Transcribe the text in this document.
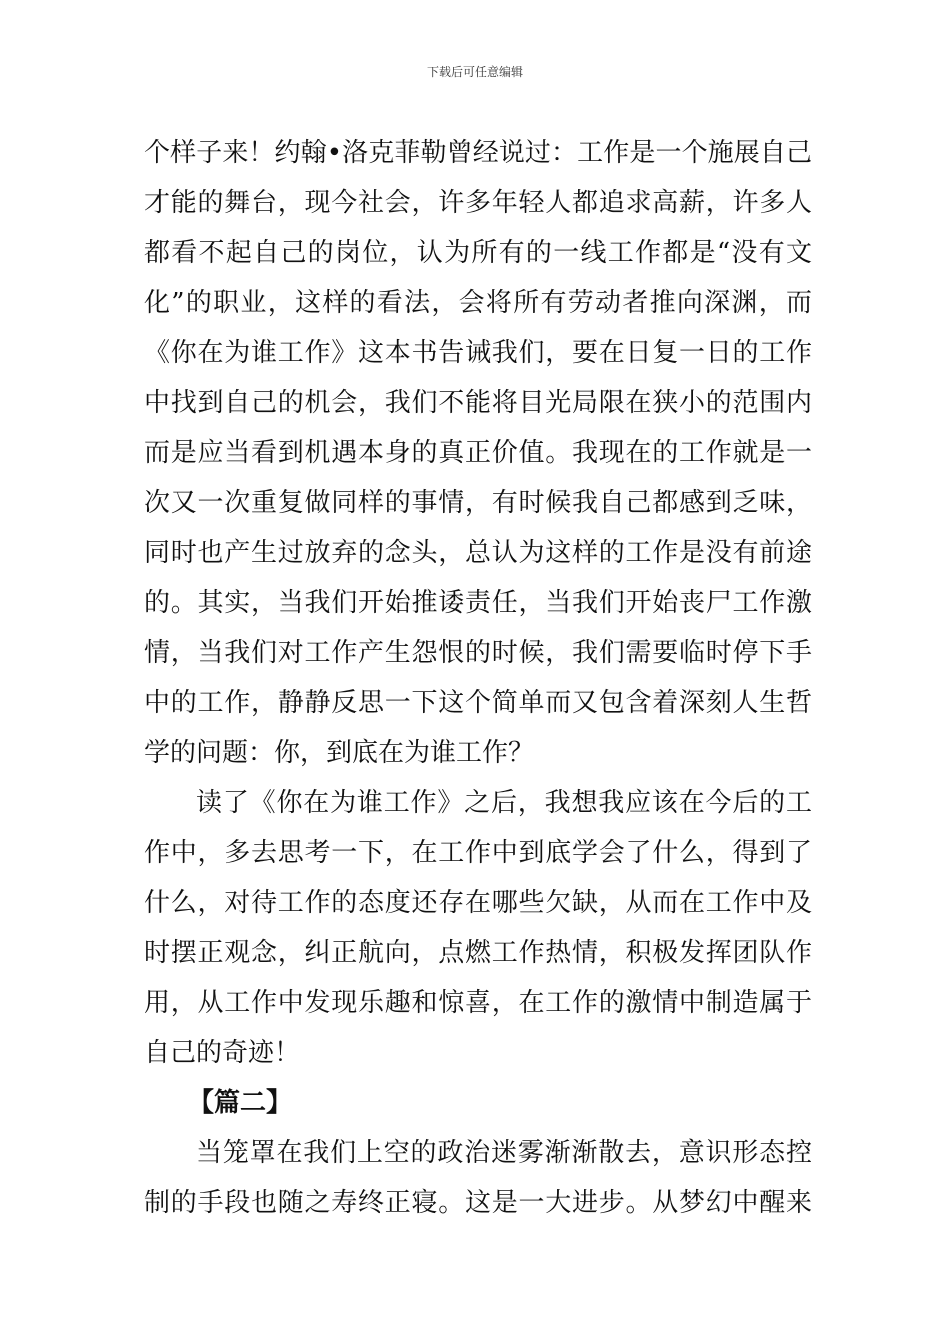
下载后可任意编辑
个样子来！约翰•洛克菲勒曾经说过：工作是一个施展自己
才能的舞台，现今社会，许多年轻人都追求高薪，许多人
都看不起自己的岗位，认为所有的一线工作都是“没有文
化”的职业，这样的看法，会将所有劳动者推向深渊，而
《你在为谁工作》这本书告诫我们，要在日复一日的工作
中找到自己的机会，我们不能将目光局限在狭小的范围内
而是应当看到机遇本身的真正价值。我现在的工作就是一
次又一次重复做同样的事情，有时候我自己都感到乏味，
同时也产生过放弃的念头，总认为这样的工作是没有前途
的。其实，当我们开始推诿责任，当我们开始丧尸工作激
情，当我们对工作产生怨恨的时候，我们需要临时停下手
中的工作，静静反思一下这个简单而又包含着深刻人生哲
学的问题：你，到底在为谁工作？
读了《你在为谁工作》之后，我想我应该在今后的工
作中，多去思考一下，在工作中到底学会了什么，得到了
什么，对待工作的态度还存在哪些欠缺，从而在工作中及
时摆正观念，纠正航向，点燃工作热情，积极发挥团队作
用，从工作中发现乐趣和惊喜，在工作的激情中制造属于
自己的奇迹！
【篇二】
当笼罩在我们上空的政治迷雾渐渐散去，意识形态控
制的手段也随之寿终正寝。这是一大进步。从梦幻中醒来
